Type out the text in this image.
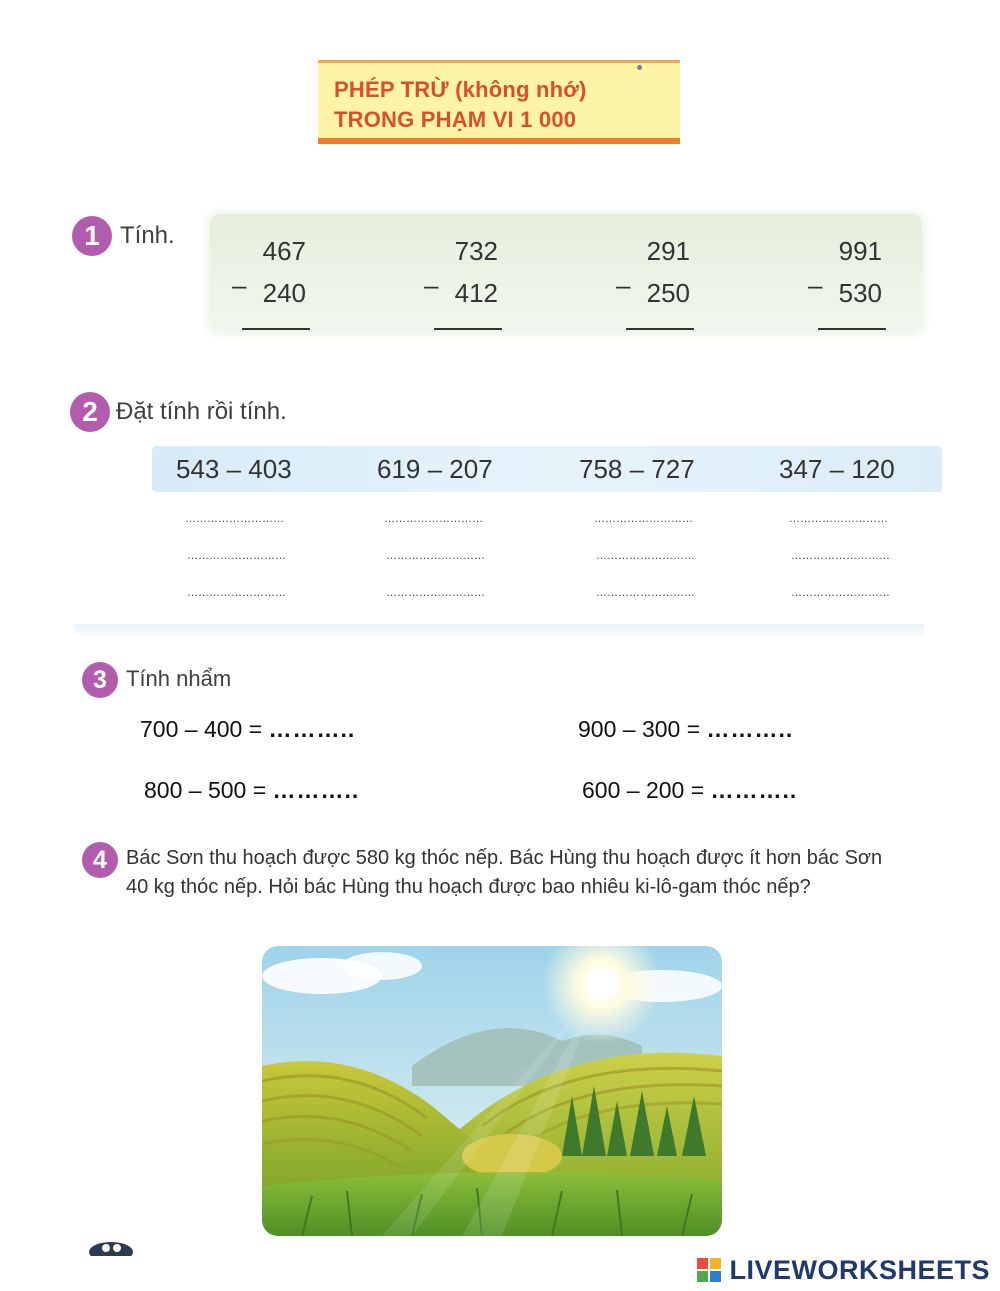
PHÉP TRỪ (không nhớ)
TRONG PHẠM VI 1 000
1 Tính.
467
– 240
732
– 412
291
– 250
991
– 530
2 Đặt tính rồi tính.
543 – 403	619 – 207	758 – 727	347 – 120
………………………	………………………	………………………	………………………
………………………	………………………	………………………	………………………
………………………	………………………	………………………	………………………
3 Tính nhẩm
700 – 400 = ………..	900 – 300 = ………..
800 – 500 = ………..	600 – 200 = ………..
4 Bác Sơn thu hoạch được 580 kg thóc nếp. Bác Hùng thu hoạch được ít hơn bác Sơn 40 kg thóc nếp. Hỏi bác Hùng thu hoạch được bao nhiêu ki-lô-gam thóc nếp?
LIVEWORKSHEETS
